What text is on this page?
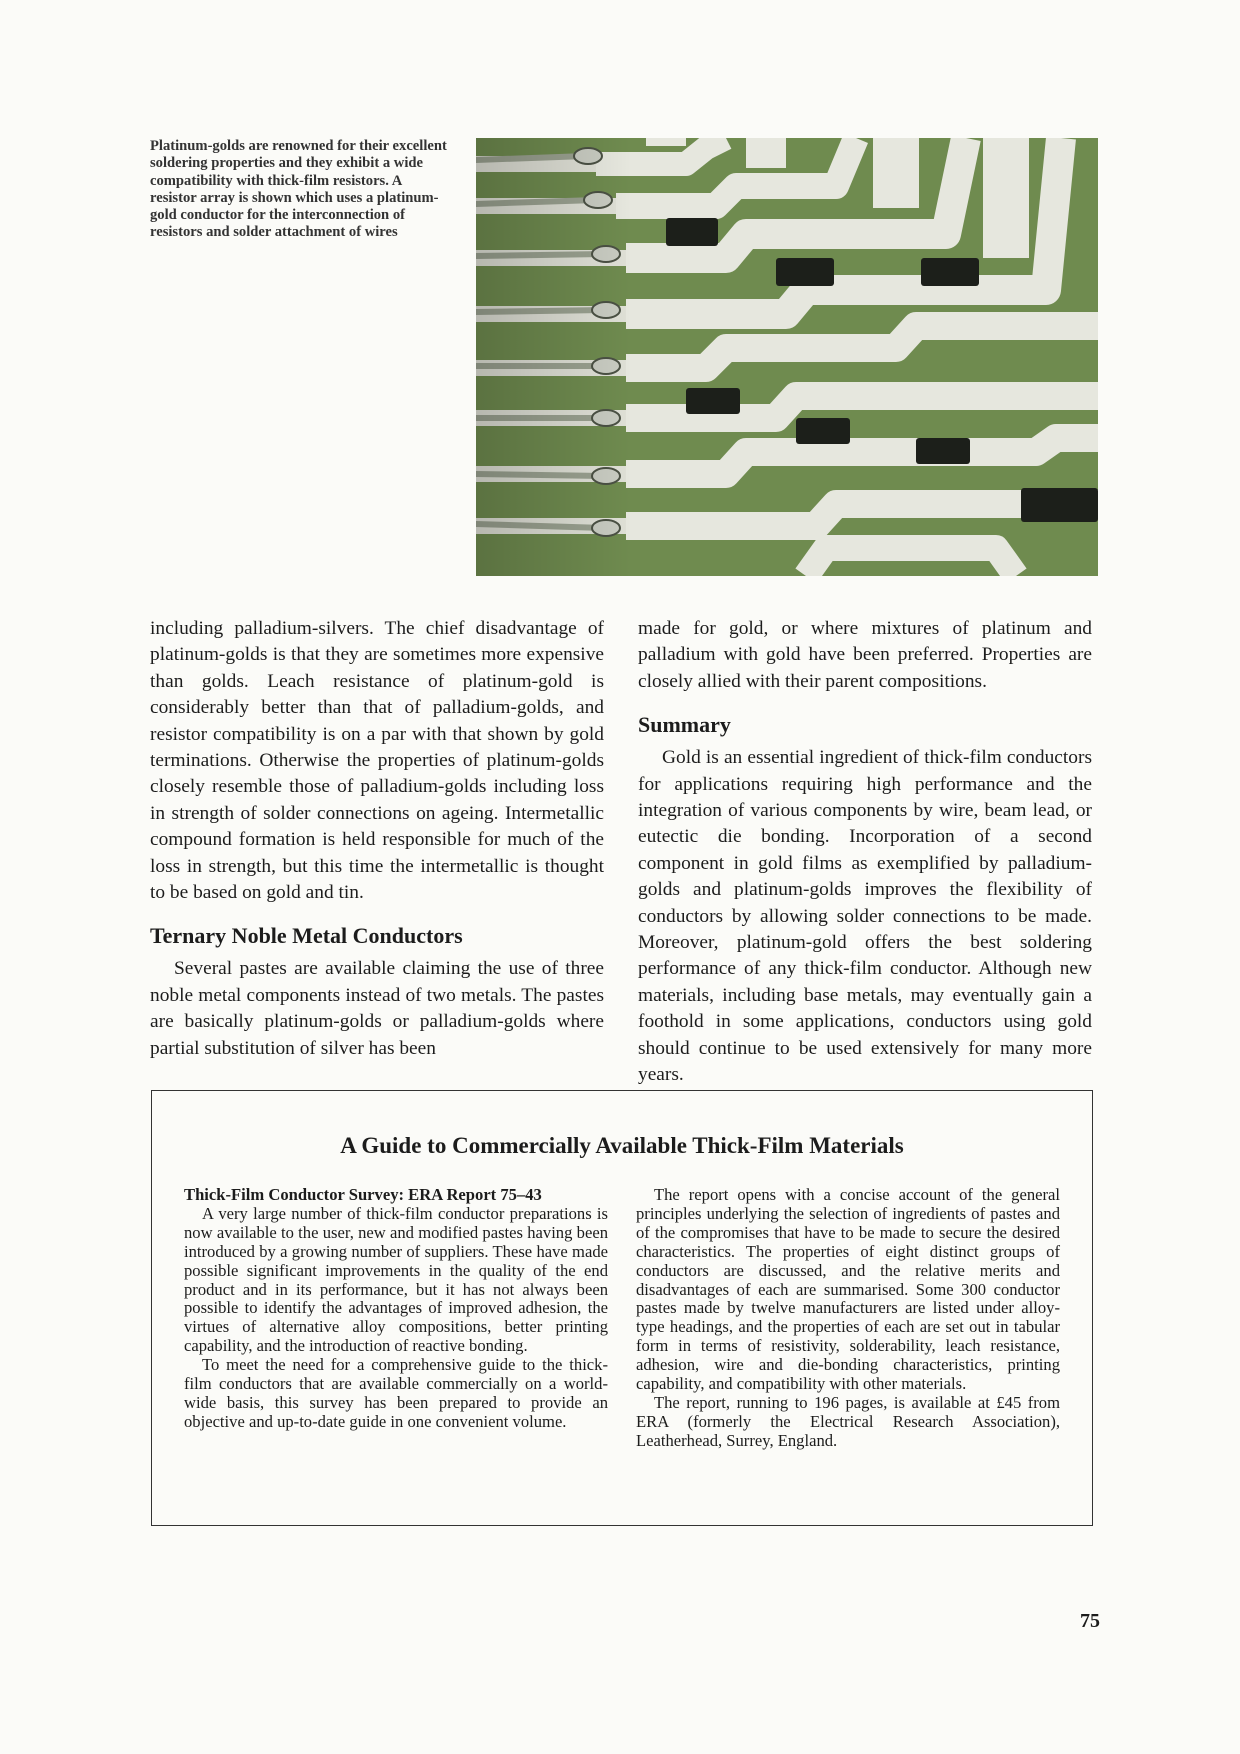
Platinum-golds are renowned for their excellent soldering properties and they exhibit a wide compatibility with thick-film resistors. A resistor array is shown which uses a platinum-gold conductor for the interconnection of resistors and solder attachment of wires

including palladium-silvers. The chief disadvantage of platinum-golds is that they are sometimes more expensive than golds. Leach resistance of platinum-gold is considerably better than that of palladium-golds, and resistor compatibility is on a par with that shown by gold terminations. Otherwise the properties of platinum-golds closely resemble those of palladium-golds including loss in strength of solder connections on ageing. Intermetallic compound formation is held responsible for much of the loss in strength, but this time the intermetallic is thought to be based on gold and tin.

Ternary Noble Metal Conductors

Several pastes are available claiming the use of three noble metal components instead of two metals. The pastes are basically platinum-golds or palladium-golds where partial substitution of silver has been

made for gold, or where mixtures of platinum and palladium with gold have been preferred. Properties are closely allied with their parent compositions.

Summary

Gold is an essential ingredient of thick-film conductors for applications requiring high performance and the integration of various components by wire, beam lead, or eutectic die bonding. Incorporation of a second component in gold films as exemplified by palladium-golds and platinum-golds improves the flexibility of conductors by allowing solder connections to be made. Moreover, platinum-gold offers the best soldering performance of any thick-film conductor. Although new materials, including base metals, may eventually gain a foothold in some applications, conductors using gold should continue to be used extensively for many more years.

A Guide to Commercially Available Thick-Film Materials
Thick-Film Conductor Survey: ERA Report 75–43

A very large number of thick-film conductor preparations is now available to the user, new and modified pastes having been introduced by a growing number of suppliers. These have made possible significant improvements in the quality of the end product and in its performance, but it has not always been possible to identify the advantages of improved adhesion, the virtues of alternative alloy compositions, better printing capability, and the introduction of reactive bonding.

To meet the need for a comprehensive guide to the thick-film conductors that are available commercially on a world-wide basis, this survey has been prepared to provide an objective and up-to-date guide in one convenient volume.

The report opens with a concise account of the general principles underlying the selection of ingredients of pastes and of the compromises that have to be made to secure the desired characteristics. The properties of eight distinct groups of conductors are discussed, and the relative merits and disadvantages of each are summarised. Some 300 conductor pastes made by twelve manufacturers are listed under alloy-type headings, and the properties of each are set out in tabular form in terms of resistivity, solderability, leach resistance, adhesion, wire and die-bonding characteristics, printing capability, and compatibility with other materials.

The report, running to 196 pages, is available at £45 from ERA (formerly the Electrical Research Association), Leatherhead, Surrey, England.

75
